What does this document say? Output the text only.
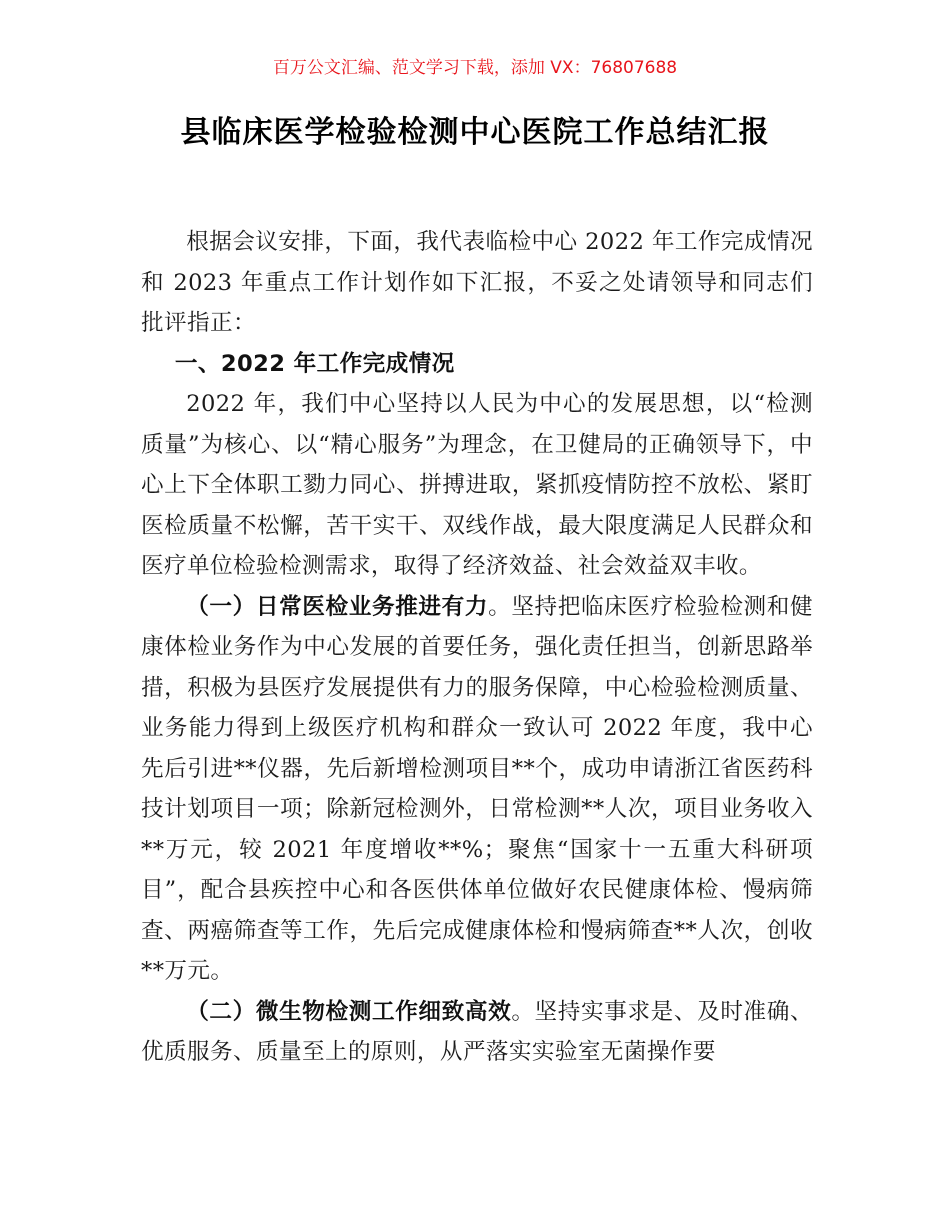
百万公文汇编、范文学习下载，添加 VX：76807688
县临床医学检验检测中心医院工作总结汇报

根据会议安排，下面，我代表临检中心 2022 年工作完成情况和 2023 年重点工作计划作如下汇报，不妥之处请领导和同志们批评指正：

一、2022 年工作完成情况

2022 年，我们中心坚持以人民为中心的发展思想，以“检测质量”为核心、以“精心服务”为理念，在卫健局的正确领导下，中心上下全体职工勠力同心、拼搏进取，紧抓疫情防控不放松、紧盯医检质量不松懈，苦干实干、双线作战，最大限度满足人民群众和医疗单位检验检测需求，取得了经济效益、社会效益双丰收。

（一）日常医检业务推进有力。坚持把临床医疗检验检测和健康体检业务作为中心发展的首要任务，强化责任担当，创新思路举措，积极为县医疗发展提供有力的服务保障，中心检验检测质量、业务能力得到上级医疗机构和群众一致认可 2022 年度，我中心先后引进**仪器，先后新增检测项目**个，成功申请浙江省医药科技计划项目一项；除新冠检测外，日常检测**人次，项目业务收入**万元，较 2021 年度增收**%；聚焦“国家十一五重大科研项目”，配合县疾控中心和各医供体单位做好农民健康体检、慢病筛查、两癌筛查等工作，先后完成健康体检和慢病筛查**人次，创收**万元。

（二）微生物检测工作细致高效。坚持实事求是、及时准确、优质服务、质量至上的原则，从严落实实验室无菌操作要
